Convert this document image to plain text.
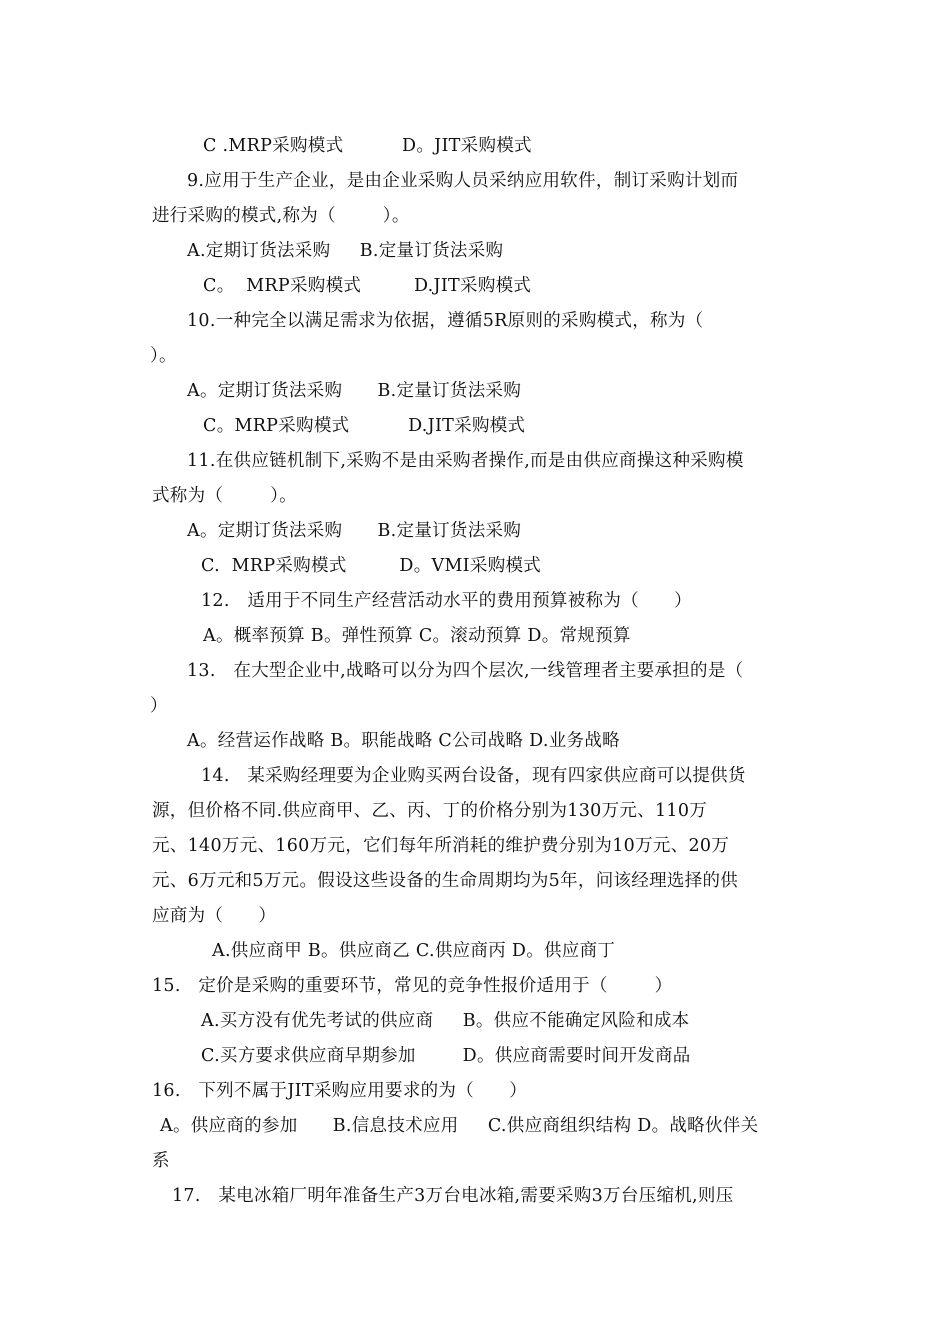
C .MRP采购模式          D。JIT采购模式
9.应用于生产企业，是由企业采购人员采纳应用软件，制订采购计划而
进行采购的模式,称为（        ）。
A.定期订货法采购     B.定量订货法采购
C。  MRP采购模式         D.JIT采购模式
10.一种完全以满足需求为依据，遵循5R原则的采购模式，称为（
）。
A。定期订货法采购      B.定量订货法采购
C。MRP采购模式          D.JIT采购模式
11.在供应链机制下,采购不是由采购者操作,而是由供应商操这种采购模
式称为（        ）。
A。定期订货法采购      B.定量订货法采购
C.  MRP采购模式         D。VMI采购模式
12.   适用于不同生产经营活动水平的费用预算被称为（      ）
A。概率预算 B。弹性预算 C。滚动预算 D。常规预算
13.   在大型企业中,战略可以分为四个层次,一线管理者主要承担的是（
）
A。经营运作战略 B。职能战略 C公司战略 D.业务战略
14.   某采购经理要为企业购买两台设备，现有四家供应商可以提供货
源，但价格不同.供应商甲、乙、丙、丁的价格分别为130万元、110万
元、140万元、160万元，它们每年所消耗的维护费分别为10万元、20万
元、6万元和5万元。假设这些设备的生命周期均为5年，问该经理选择的供
应商为（      ）
A.供应商甲 B。供应商乙 C.供应商丙 D。供应商丁
15.   定价是采购的重要环节，常见的竞争性报价适用于（        ）
A.买方没有优先考试的供应商     B。供应不能确定风险和成本
C.买方要求供应商早期参加        D。供应商需要时间开发商品
16.   下列不属于JIT采购应用要求的为（      ）
A。供应商的参加      B.信息技术应用     C.供应商组织结构 D。战略伙伴关
系
17.   某电冰箱厂明年准备生产3万台电冰箱,需要采购3万台压缩机,则压
